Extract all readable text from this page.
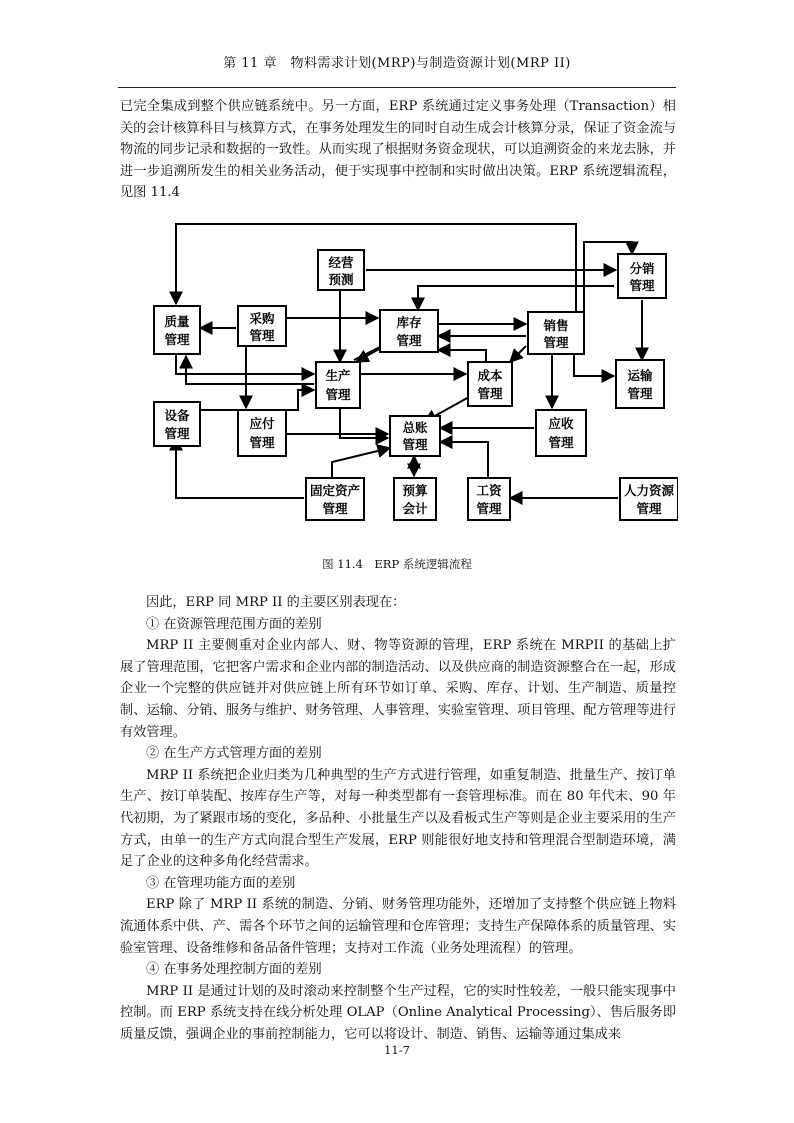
第 11 章　物料需求计划(MRP)与制造资源计划(MRP II)

已完全集成到整个供应链系统中。另一方面，ERP 系统通过定义事务处理（Transaction）相关的会计核算科目与核算方式，在事务处理发生的同时自动生成会计核算分录，保证了资金流与物流的同步记录和数据的一致性。从而实现了根据财务资金现状，可以追溯资金的来龙去脉，并进一步追溯所发生的相关业务活动，便于实现事中控制和实时做出决策。ERP 系统逻辑流程，见图 11.4

经营
预测
分销
管理
质量
管理
采购
管理
库存
管理
销售
管理
生产
管理
成本
管理
运输
管理
设备
管理
应付
管理
总账
管理
应收
管理
固定资产
管理
预算
会计
工资
管理
人力资源
管理
图 11.4　ERP 系统逻辑流程

因此，ERP 同 MRP II 的主要区别表现在：

① 在资源管理范围方面的差别

MRP II 主要侧重对企业内部人、财、物等资源的管理，ERP 系统在 MRPII 的基础上扩展了管理范围，它把客户需求和企业内部的制造活动、以及供应商的制造资源整合在一起，形成企业一个完整的供应链并对供应链上所有环节如订单、采购、库存、计划、生产制造、质量控制、运输、分销、服务与维护、财务管理、人事管理、实验室管理、项目管理、配方管理等进行有效管理。

② 在生产方式管理方面的差别

MRP II 系统把企业归类为几种典型的生产方式进行管理，如重复制造、批量生产、按订单生产、按订单装配、按库存生产等，对每一种类型都有一套管理标准。而在 80 年代末、90 年代初期，为了紧跟市场的变化，多品种、小批量生产以及看板式生产等则是企业主要采用的生产方式，由单一的生产方式向混合型生产发展，ERP 则能很好地支持和管理混合型制造环境，满足了企业的这种多角化经营需求。

③ 在管理功能方面的差别

ERP 除了 MRP II 系统的制造、分销、财务管理功能外，还增加了支持整个供应链上物料流通体系中供、产、需各个环节之间的运输管理和仓库管理；支持生产保障体系的质量管理、实验室管理、设备维修和备品备件管理；支持对工作流（业务处理流程）的管理。

④ 在事务处理控制方面的差别

MRP II 是通过计划的及时滚动来控制整个生产过程，它的实时性较差，一般只能实现事中控制。而 ERP 系统支持在线分析处理 OLAP（Online Analytical Processing）、售后服务即质量反馈，强调企业的事前控制能力，它可以将设计、制造、销售、运输等通过集成来

11-7
